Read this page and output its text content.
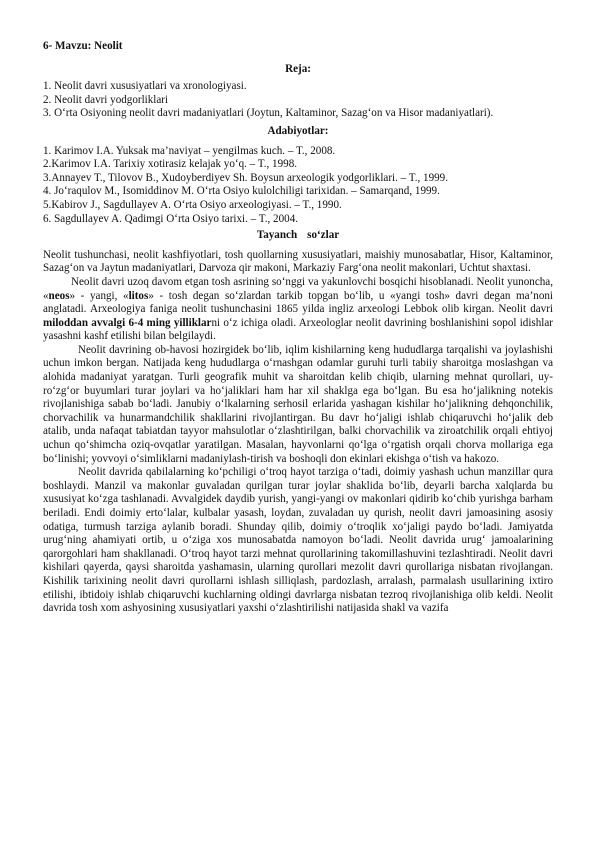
6- Mavzu: Neolit
Reja:
1. Neolit davri xususiyatlari va xronologiyasi.
2. Neolit davri yodgorliklari
3. O‘rta Osiyoning neolit davri madaniyatlari (Joytun, Kaltaminor, Sazag‘on va Hisor madaniyatlari).
Adabiyotlar:
1. Karimov I.A. Yuksak ma’naviyat – yengilmas kuch. – T., 2008.
2.Karimov I.A. Tarixiy xotirasiz kelajak yo‘q. – T., 1998.
3.Annayev T., Tilovov B., Xudoyberdiyev Sh. Boysun arxeologik yodgorliklari. – T., 1999.
4. Jo‘raqulov M., Isomiddinov M. O‘rta Osiyo kulolchiligi tarixidan. – Samarqand, 1999.
5.Kabirov J., Sagdullayev A. O‘rta Osiyo arxeologiyasi. – T., 1990.
6. Sagdullayev A. Qadimgi O‘rta Osiyo tarixi. – T., 2004.
Tayanch so‘zlar

Neolit tushunchasi, neolit kashfiyotlari, tosh quollarning xususiyatlari, maishiy munosabatlar, Hisor, Kaltaminor, Sazag‘on va Jaytun madaniyatlari, Darvoza qir makoni, Markaziy Farg‘ona neolit makonlari, Uchtut shaxtasi.

Neolit davri uzoq davom etgan tosh asrining so‘nggi va yakunlovchi bosqichi hisoblanadi. Neolit yunoncha, «neos» - yangi, «litos» - tosh degan so‘zlardan tarkib topgan bo‘lib, u «yangi tosh» davri degan ma’noni anglatadi. Arxeologiya faniga neolit tushunchasini 1865 yilda ingliz arxeologi Lebbok olib kirgan. Neolit davri miloddan avvalgi 6-4 ming yilliklarni o‘z ichiga oladi. Arxeologlar neolit davrining boshlanishini sopol idishlar yasashni kashf etilishi bilan belgilaydi.

Neolit davrining ob-havosi hozirgidek bo‘lib, iqlim kishilarning keng hududlarga tarqalishi va joylashishi uchun imkon bergan. Natijada keng hududlarga o‘rnashgan odamlar guruhi turli tabiiy sharoitga moslashgan va alohida madaniyat yaratgan. Turli geografik muhit va sharoitdan kelib chiqib, ularning mehnat qurollari, uy-ro‘zg‘or buyumlari turar joylari va ho‘jaliklari ham har xil shaklga ega bo‘lgan. Bu esa ho‘jalikning notekis rivojlanishiga sabab bo‘ladi. Janubiy o‘lkalarning serhosil erlarida yashagan kishilar ho‘jalikning dehqonchilik, chorvachilik va hunarmandchilik shakllarini rivojlantirgan. Bu davr ho‘jaligi ishlab chiqaruvchi ho‘jalik deb atalib, unda nafaqat tabiatdan tayyor mahsulotlar o‘zlashtirilgan, balki chorvachilik va ziroatchilik orqali ehtiyoj uchun qo‘shimcha oziq-ovqatlar yaratilgan. Masalan, hayvonlarni qo‘lga o‘rgatish orqali chorva mollariga ega bo‘linishi; yovvoyi o‘simliklarni madaniylash-tirish va boshoqli don ekinlari ekishga o‘tish va hakozo.

Neolit davrida qabilalarning ko‘pchiligi o‘troq hayot tarziga o‘tadi, doimiy yashash uchun manzillar qura boshlaydi. Manzil va makonlar guvaladan qurilgan turar joylar shaklida bo‘lib, deyarli barcha xalqlarda bu xususiyat ko‘zga tashlanadi. Avvalgidek daydib yurish, yangi-yangi ov makonlari qidirib ko‘chib yurishga barham beriladi. Endi doimiy erto‘lalar, kulbalar yasash, loydan, zuvaladan uy qurish, neolit davri jamoasining asosiy odatiga, turmush tarziga aylanib boradi. Shunday qilib, doimiy o‘troqlik xo‘jaligi paydo bo‘ladi. Jamiyatda urug‘ning ahamiyati ortib, u o‘ziga xos munosabatda namoyon bo‘ladi. Neolit davrida urug‘ jamoalarining qarorgohlari ham shakllanadi. O‘troq hayot tarzi mehnat qurollarining takomillashuvini tezlashtiradi. Neolit davri kishilari qayerda, qaysi sharoitda yashamasin, ularning qurollari mezolit davri qurollariga nisbatan rivojlangan. Kishilik tarixining neolit davri qurollarni ishlash silliqlash, pardozlash, arralash, parmalash usullarining ixtiro etilishi, ibtidoiy ishlab chiqaruvchi kuchlarning oldingi davrlarga nisbatan tezroq rivojlanishiga olib keldi. Neolit davrida tosh xom ashyosining xususiyatlari yaxshi o‘zlashtirilishi natijasida shakl va vazifa
